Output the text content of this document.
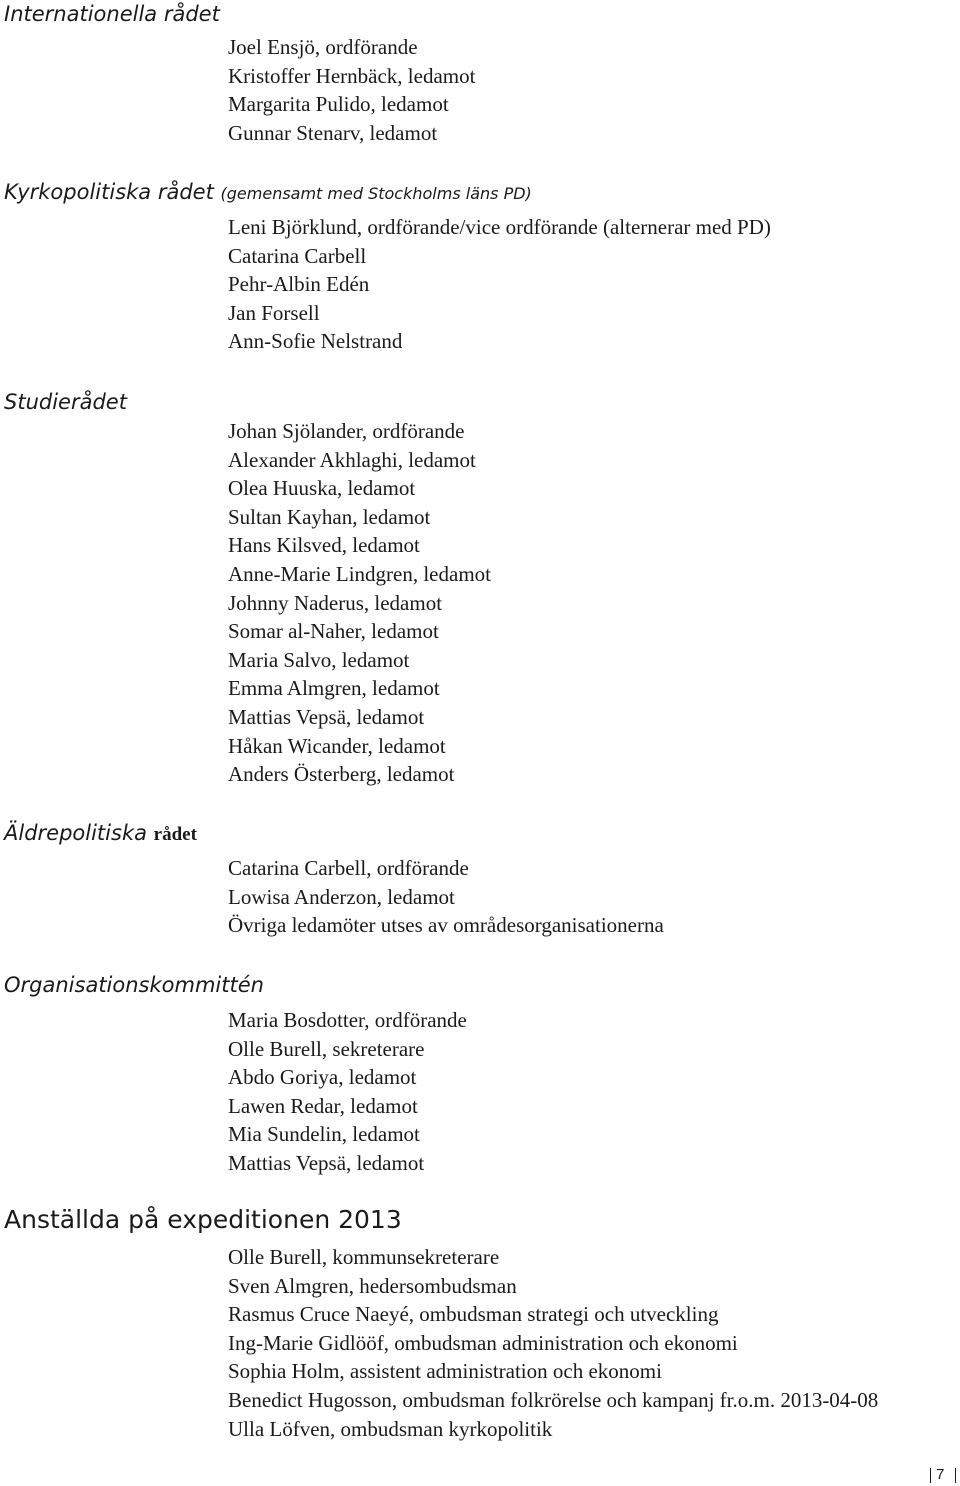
Internationella rådet
Joel Ensjö, ordförande
Kristoffer Hernbäck, ledamot
Margarita Pulido, ledamot
Gunnar Stenarv, ledamot
Kyrkopolitiska rådet (gemensamt med Stockholms läns PD)
Leni Björklund, ordförande/vice ordförande (alternerar med PD)
Catarina Carbell
Pehr-Albin Edén
Jan Forsell
Ann-Sofie Nelstrand
Studierådet
Johan Sjölander, ordförande
Alexander Akhlaghi, ledamot
Olea Huuska, ledamot
Sultan Kayhan, ledamot
Hans Kilsved, ledamot
Anne-Marie Lindgren, ledamot
Johnny Naderus, ledamot
Somar al-Naher, ledamot
Maria Salvo, ledamot
Emma Almgren, ledamot
Mattias Vepsä, ledamot
Håkan Wicander, ledamot
Anders Österberg, ledamot
Äldrepolitiska rådet
Catarina Carbell, ordförande
Lowisa Anderzon, ledamot
Övriga ledamöter utses av områdesorganisationerna
Organisationskommittén
Maria Bosdotter, ordförande
Olle Burell, sekreterare
Abdo Goriya, ledamot
Lawen Redar, ledamot
Mia Sundelin, ledamot
Mattias Vepsä, ledamot
Anställda på expeditionen 2013
Olle Burell, kommunsekreterare
Sven Almgren, hedersombudsman
Rasmus Cruce Naeyé, ombudsman strategi och utveckling
Ing-Marie Gidlööf, ombudsman administration och ekonomi
Sophia Holm, assistent administration och ekonomi
Benedict Hugosson, ombudsman folkrörelse och kampanj fr.o.m. 2013-04-08
Ulla Löfven, ombudsman kyrkopolitik
7
